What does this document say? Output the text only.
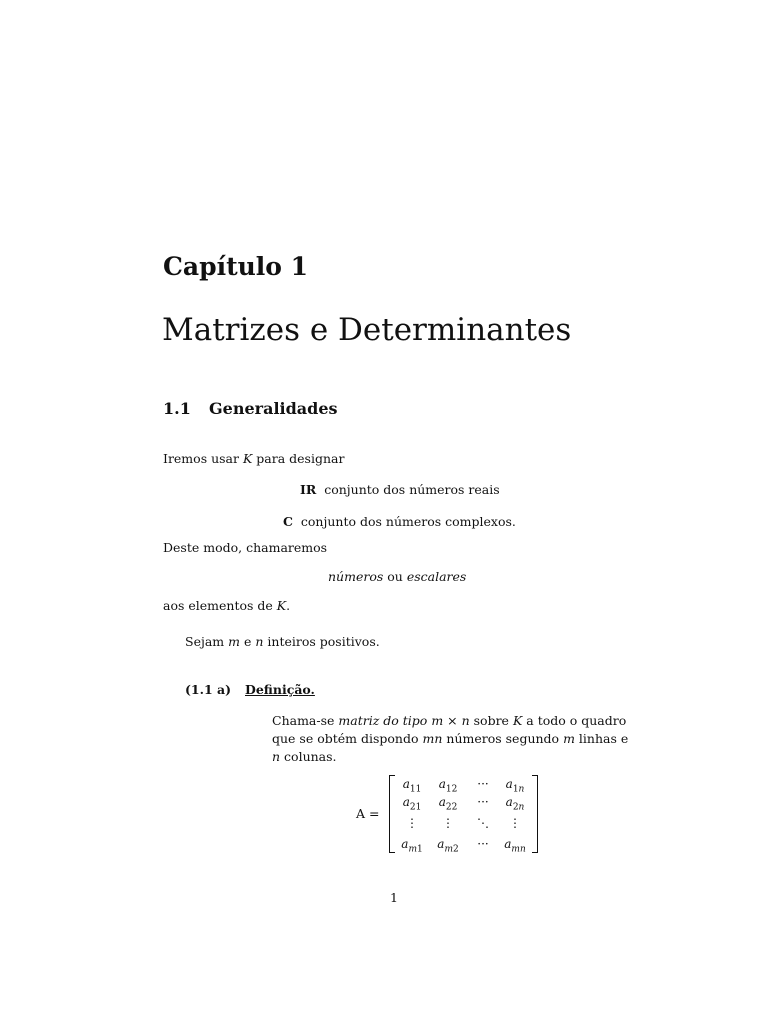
Capítulo 1
Matrizes e Determinantes
1.1 Generalidades
Iremos usar K para designar
IR conjunto dos números reais
C conjunto dos números complexos.
Deste modo, chamaremos
números ou escalares
aos elementos de K.
Sejam m e n inteiros positivos.
(1.1 a) Definição.
Chama-se matriz do tipo m × n sobre K a todo o quadro que se obtém dispondo mn números segundo m linhas e n colunas.
A =
$a_{11}$	$a_{12}$	···	$a_{1n}$
$a_{21}$	$a_{22}$	···	$a_{2n}$
⋮	⋮	⋱	⋮
$a_{m1}$	$a_{m2}$	···	$a_{mn}$
1
